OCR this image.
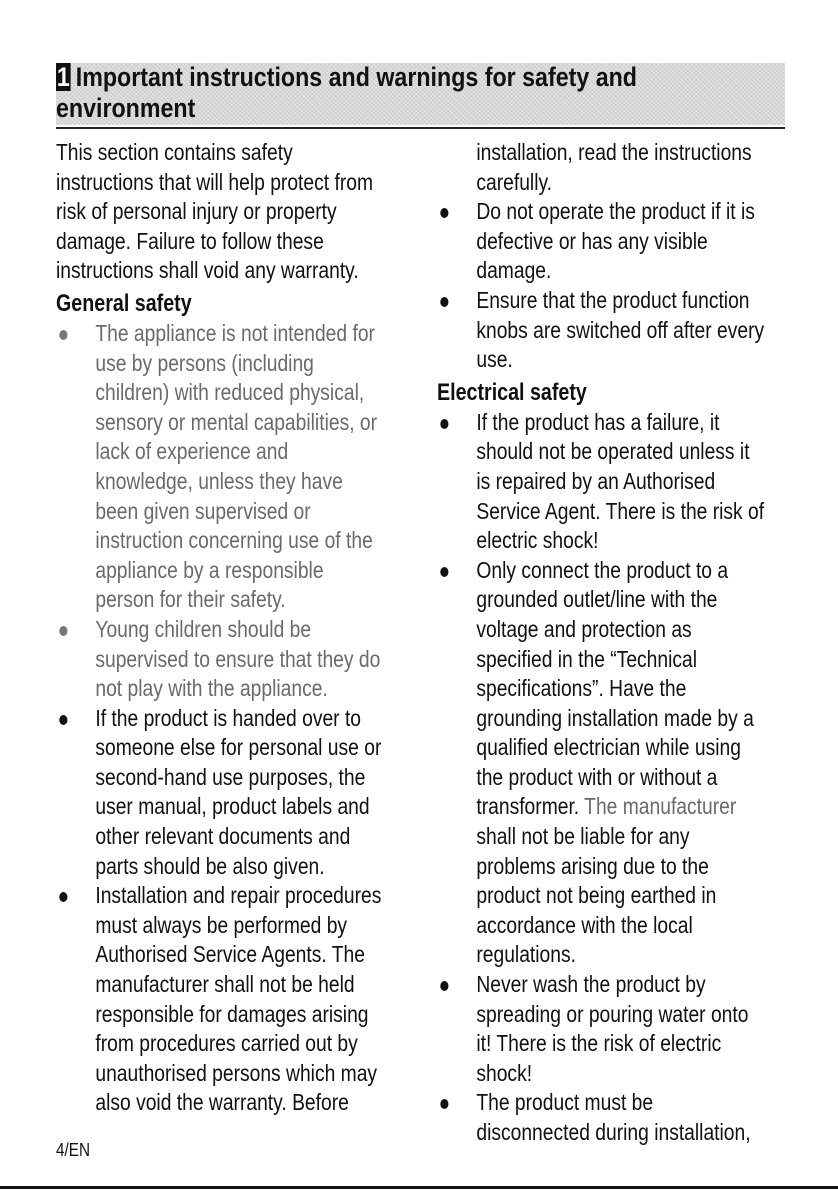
1 Important instructions and warnings for safety and
environment

This section contains safety instructions that will help protect from risk of personal injury or property damage. Failure to follow these instructions shall void any warranty.

General safety

The appliance is not intended for use by persons (including children) with reduced physical, sensory or mental capabilities, or lack of experience and knowledge, unless they have been given supervised or instruction concerning use of the appliance by a responsible person for their safety.
Young children should be supervised to ensure that they do not play with the appliance.
If the product is handed over to someone else for personal use or second-hand use purposes, the user manual, product labels and other relevant documents and parts should be also given.
Installation and repair procedures must always be performed by Authorised Service Agents. The manufacturer shall not be held responsible for damages arising from procedures carried out by unauthorised persons which may also void the warranty. Before

installation, read the instructions carefully.

Do not operate the product if it is defective or has any visible damage.
Ensure that the product function knobs are switched off after every use.

Electrical safety

If the product has a failure, it should not be operated unless it is repaired by an Authorised Service Agent. There is the risk of electric shock!
Only connect the product to a grounded outlet/line with the voltage and protection as specified in the “Technical specifications”. Have the grounding installation made by a qualified electrician while using the product with or without a transformer. The manufacturer shall not be liable for any problems arising due to the product not being earthed in accordance with the local regulations.
Never wash the product by spreading or pouring water onto it! There is the risk of electric shock!
The product must be disconnected during installation,
4/EN
